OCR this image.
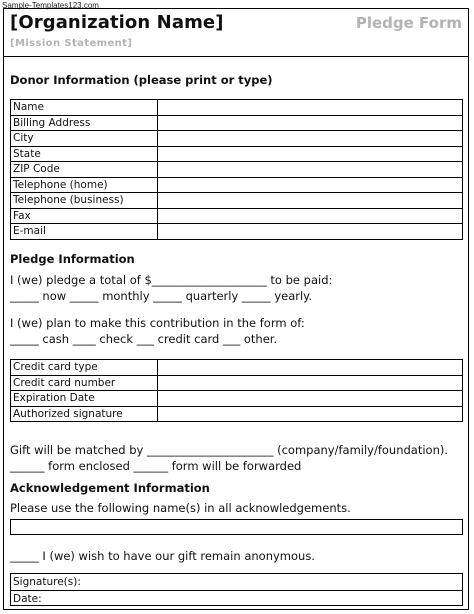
Sample-Templates123.com
[Organization Name]	Pledge Form
[Mission Statement]
Donor Information (please print or type)
Name	
Billing Address	
City	
State	
ZIP Code	
Telephone (home)	
Telephone (business)	
Fax	
E-mail	
Pledge Information
I (we) pledge a total of $____________________ to be paid:
_____ now _____ monthly _____ quarterly _____ yearly.
I (we) plan to make this contribution in the form of:
_____ cash ____ check ___ credit card ___ other.
Credit card type	
Credit card number	
Expiration Date	
Authorized signature	
Gift will be matched by ______________________ (company/family/foundation).
______ form enclosed ______ form will be forwarded
Acknowledgement Information
Please use the following name(s) in all acknowledgements.
_____ I (we) wish to have our gift remain anonymous.
Signature(s):
Date:
